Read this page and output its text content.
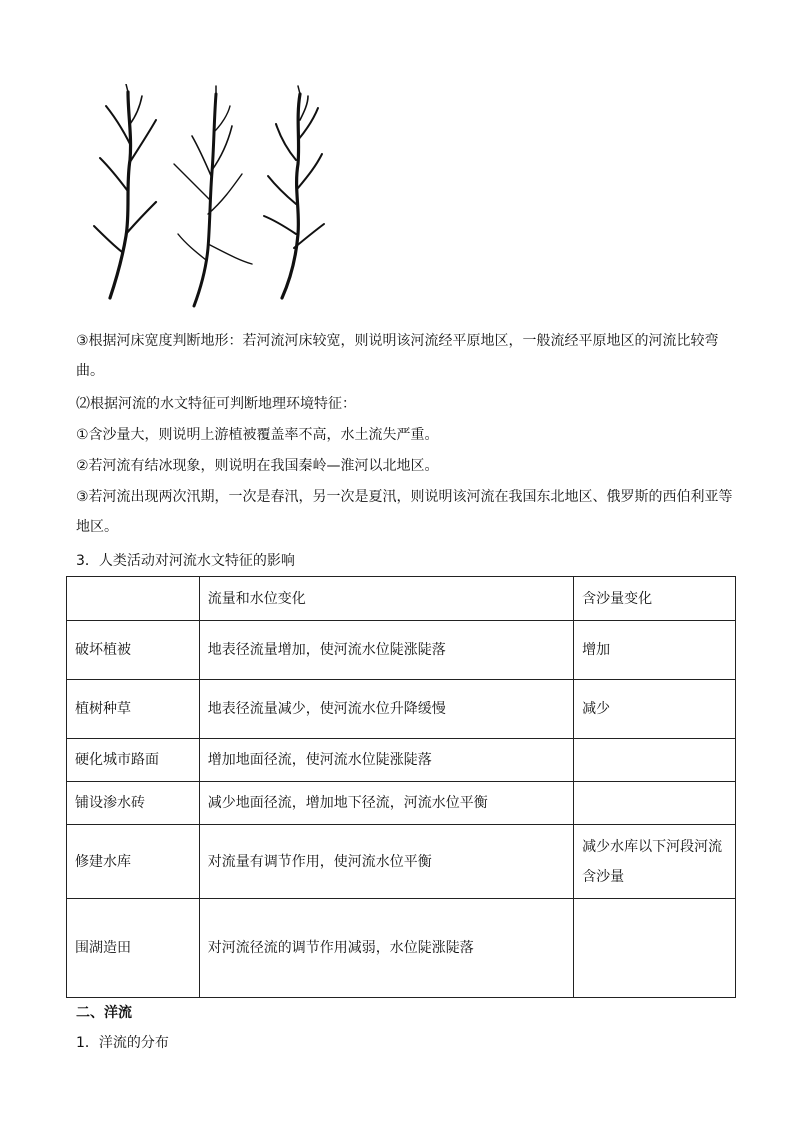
③根据河床宽度判断地形：若河流河床较宽，则说明该河流经平原地区，一般流经平原地区的河流比较弯曲。

⑵根据河流的水文特征可判断地理环境特征：

①含沙量大，则说明上游植被覆盖率不高，水土流失严重。

②若河流有结冰现象，则说明在我国秦岭—淮河以北地区。

③若河流出现两次汛期，一次是春汛，另一次是夏汛，则说明该河流在我国东北地区、俄罗斯的西伯利亚等地区。

3．人类活动对河流水文特征的影响

	流量和水位变化	含沙量变化
破坏植被	地表径流量增加，使河流水位陡涨陡落	增加
植树种草	地表径流量减少，使河流水位升降缓慢	减少
硬化城市路面	增加地面径流，使河流水位陡涨陡落	
铺设渗水砖	减少地面径流，增加地下径流，河流水位平衡	
修建水库	对流量有调节作用，使河流水位平衡	减少水库以下河段河流含沙量
围湖造田	对河流径流的调节作用减弱，水位陡涨陡落	

二、洋流

1．洋流的分布
